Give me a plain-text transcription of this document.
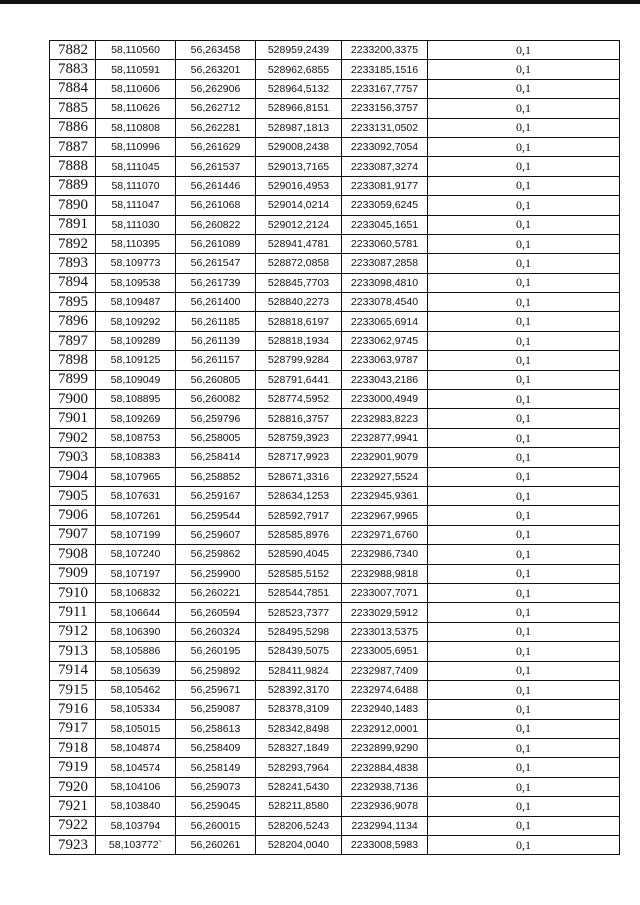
7882	58,110560	56,263458	528959,2439	2233200,3375	0,1
7883	58,110591	56,263201	528962,6855	2233185,1516	0,1
7884	58,110606	56,262906	528964,5132	2233167,7757	0,1
7885	58,110626	56,262712	528966,8151	2233156,3757	0,1
7886	58,110808	56,262281	528987,1813	2233131,0502	0,1
7887	58,110996	56,261629	529008,2438	2233092,7054	0,1
7888	58,111045	56,261537	529013,7165	2233087,3274	0,1
7889	58,111070	56,261446	529016,4953	2233081,9177	0,1
7890	58,111047	56,261068	529014,0214	2233059,6245	0,1
7891	58,111030	56,260822	529012,2124	2233045,1651	0,1
7892	58,110395	56,261089	528941,4781	2233060,5781	0,1
7893	58,109773	56,261547	528872,0858	2233087,2858	0,1
7894	58,109538	56,261739	528845,7703	2233098,4810	0,1
7895	58,109487	56,261400	528840,2273	2233078,4540	0,1
7896	58,109292	56,261185	528818,6197	2233065,6914	0,1
7897	58,109289	56,261139	528818,1934	2233062,9745	0,1
7898	58,109125	56,261157	528799,9284	2233063,9787	0,1
7899	58,109049	56,260805	528791,6441	2233043,2186	0,1
7900	58,108895	56,260082	528774,5952	2233000,4949	0,1
7901	58,109269	56,259796	528816,3757	2232983,8223	0,1
7902	58,108753	56,258005	528759,3923	2232877,9941	0,1
7903	58,108383	56,258414	528717,9923	2232901,9079	0,1
7904	58,107965	56,258852	528671,3316	2232927,5524	0,1
7905	58,107631	56,259167	528634,1253	2232945,9361	0,1
7906	58,107261	56,259544	528592,7917	2232967,9965	0,1
7907	58,107199	56,259607	528585,8976	2232971,6760	0,1
7908	58,107240	56,259862	528590,4045	2232986,7340	0,1
7909	58,107197	56,259900	528585,5152	2232988,9818	0,1
7910	58,106832	56,260221	528544,7851	2233007,7071	0,1
7911	58,106644	56,260594	528523,7377	2233029,5912	0,1
7912	58,106390	56,260324	528495,5298	2233013,5375	0,1
7913	58,105886	56,260195	528439,5075	2233005,6951	0,1
7914	58,105639	56,259892	528411,9824	2232987,7409	0,1
7915	58,105462	56,259671	528392,3170	2232974,6488	0,1
7916	58,105334	56,259087	528378,3109	2232940,1483	0,1
7917	58,105015	56,258613	528342,8498	2232912,0001	0,1
7918	58,104874	56,258409	528327,1849	2232899,9290	0,1
7919	58,104574	56,258149	528293,7964	2232884,4838	0,1
7920	58,104106	56,259073	528241,5430	2232938,7136	0,1
7921	58,103840	56,259045	528211,8580	2232936,9078	0,1
7922	58,103794	56,260015	528206,5243	2232994,1134	0,1
7923	58,103772`	56,260261	528204,0040	2233008,5983	0,1
